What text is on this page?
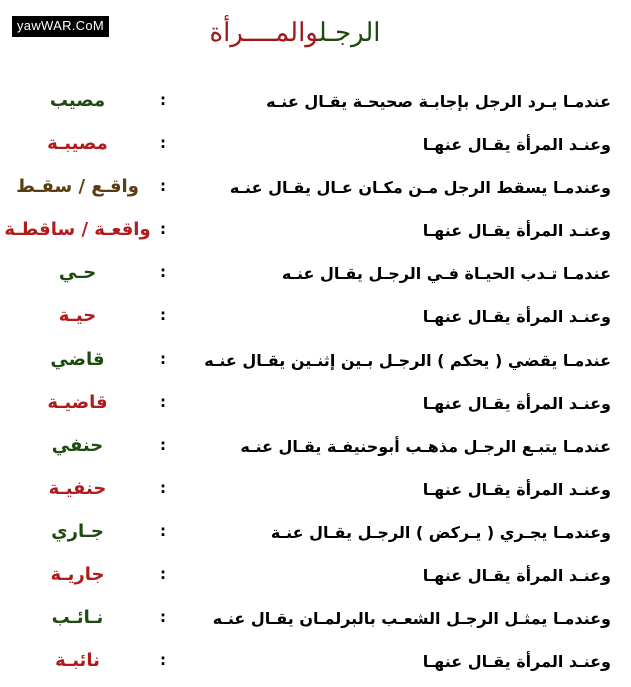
yawWAR.CoM	الرجـلوالمــــرأة
عندمـا يـرد الرجل بإجابـة صحيحـة يقـال عنـه
:
مصيب
وعنـد المرأة يقـال عنهـا
:
مصيبـة
وعندمـا يسقط الرجل مـن مكـان عـال يقـال عنـه
:
واقـع / سقـط
وعنـد المرأة يقـال عنهـا
:
واقعـة / ساقطـة
عندمـا تـدب الحيـاة فـي الرجـل يقـال عنـه
:
حـي
وعنـد المرأة يقـال عنهـا
:
حيـة
عندمـا يقضي ( يحكم ) الرجـل بـين إثنـين يقـال عنـه
:
قاضي
وعنـد المرأة يقـال عنهـا
:
قاضيـة
عندمـا يتبـع الرجـل مذهـب أبوحنيفـة يقـال عنـه
:
حنفي
وعنـد المرأة يقـال عنهـا
:
حنفيـة
وعندمـا يجـري ( يـركض ) الرجـل يقـال عنـة
:
جـاري
وعنـد المرأة يقـال عنهـا
:
جاريـة
وعندمـا يمثـل الرجـل الشعـب بالبرلمـان يقـال عنـه
:
نـائـب
وعنـد المرأة يقـال عنهـا
:
نائبـة
